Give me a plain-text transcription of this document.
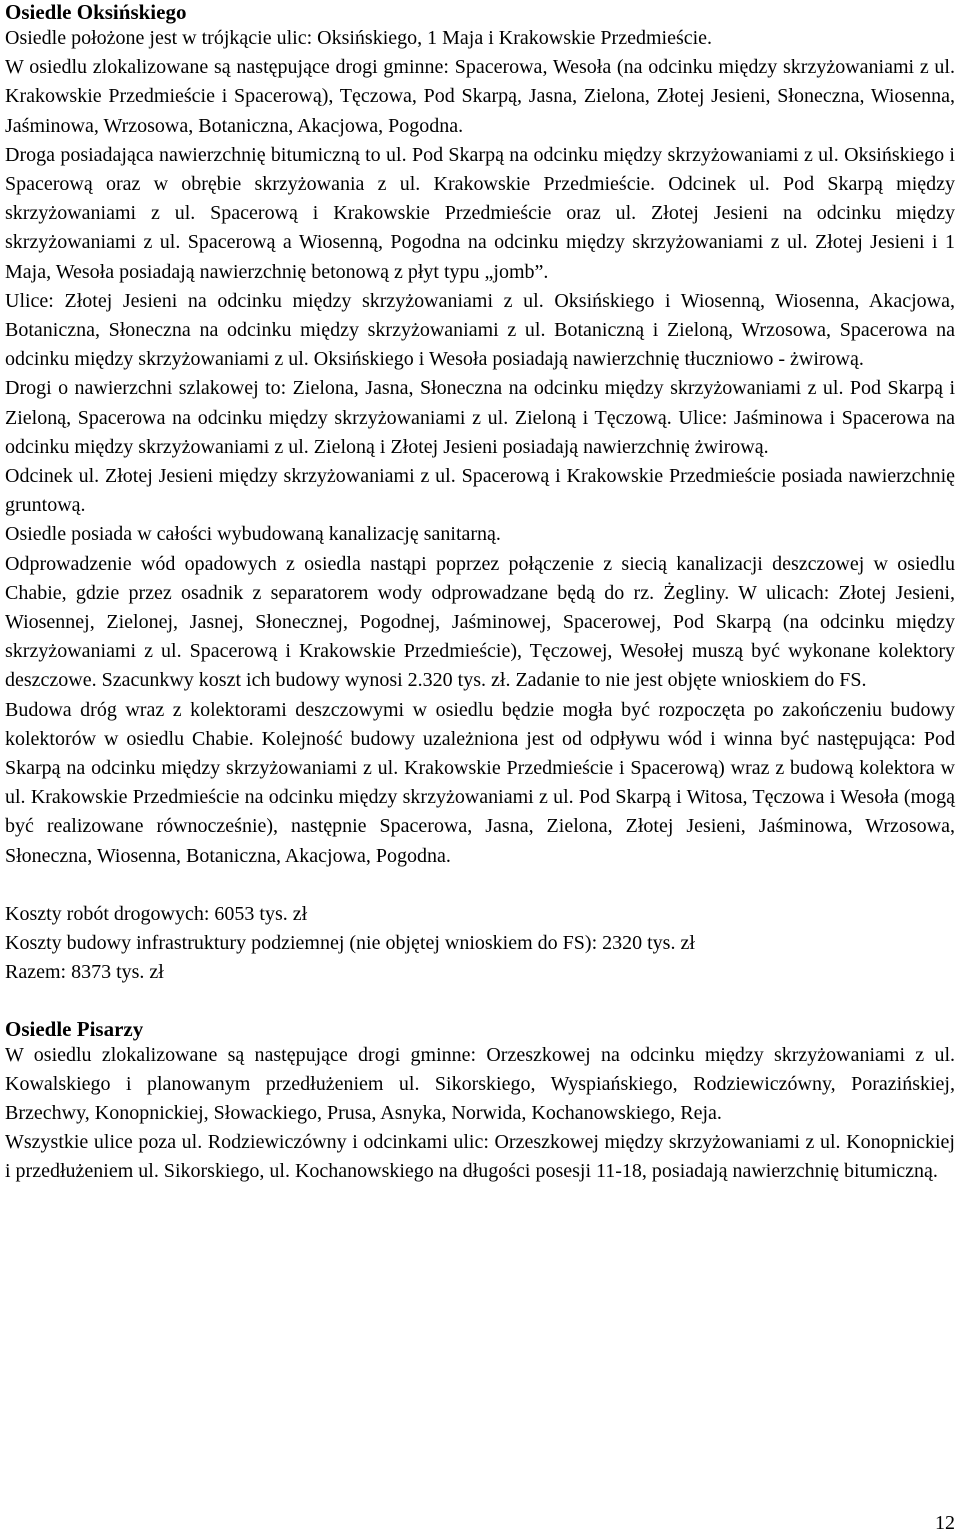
Osiedle Oksińskiego

Osiedle położone jest w trójkącie ulic: Oksińskiego, 1 Maja i Krakowskie Przedmieście.

W osiedlu zlokalizowane są następujące drogi gminne: Spacerowa, Wesoła (na odcinku między skrzyżowaniami z ul. Krakowskie Przedmieście i Spacerową), Tęczowa, Pod Skarpą, Jasna, Zielona, Złotej Jesieni, Słoneczna, Wiosenna, Jaśminowa, Wrzosowa, Botaniczna, Akacjowa, Pogodna.

Droga posiadająca nawierzchnię bitumiczną to ul. Pod Skarpą na odcinku między skrzyżowaniami z ul. Oksińskiego i Spacerową oraz w obrębie skrzyżowania z ul. Krakowskie Przedmieście. Odcinek ul. Pod Skarpą między skrzyżowaniami z ul. Spacerową i Krakowskie Przedmieście oraz ul. Złotej Jesieni na odcinku między skrzyżowaniami z ul. Spacerową a Wiosenną, Pogodna na odcinku między skrzyżowaniami z ul. Złotej Jesieni i 1 Maja, Wesoła posiadają nawierzchnię betonową z płyt typu „jomb”.

Ulice: Złotej Jesieni na odcinku między skrzyżowaniami z ul. Oksińskiego i Wiosenną, Wiosenna, Akacjowa, Botaniczna, Słoneczna na odcinku między skrzyżowaniami z ul. Botaniczną i Zieloną, Wrzosowa, Spacerowa na odcinku między skrzyżowaniami z ul. Oksińskiego i Wesoła posiadają nawierzchnię tłuczniowo - żwirową.

Drogi o nawierzchni szlakowej to: Zielona, Jasna, Słoneczna na odcinku między skrzyżowaniami z ul. Pod Skarpą i Zieloną, Spacerowa na odcinku między skrzyżowaniami z ul. Zieloną i Tęczową. Ulice: Jaśminowa i Spacerowa na odcinku między skrzyżowaniami z ul. Zieloną i Złotej Jesieni posiadają nawierzchnię żwirową.

Odcinek ul. Złotej Jesieni między skrzyżowaniami z ul. Spacerową i Krakowskie Przedmieście posiada nawierzchnię gruntową.

Osiedle posiada w całości wybudowaną kanalizację sanitarną.

Odprowadzenie wód opadowych z osiedla nastąpi poprzez połączenie z siecią kanalizacji deszczowej w osiedlu Chabie, gdzie przez osadnik z separatorem wody odprowadzane będą do rz. Żegliny. W ulicach: Złotej Jesieni, Wiosennej, Zielonej, Jasnej, Słonecznej, Pogodnej, Jaśminowej, Spacerowej, Pod Skarpą (na odcinku między skrzyżowaniami z ul. Spacerową i Krakowskie Przedmieście), Tęczowej, Wesołej muszą być wykonane kolektory deszczowe. Szacunkwy koszt ich budowy wynosi 2.320 tys. zł. Zadanie to nie jest objęte wnioskiem do FS.

Budowa dróg wraz z kolektorami deszczowymi w osiedlu będzie mogła być rozpoczęta po zakończeniu budowy kolektorów w osiedlu Chabie. Kolejność budowy uzależniona jest od odpływu wód i winna być następująca: Pod Skarpą na odcinku między skrzyżowaniami z ul. Krakowskie Przedmieście i Spacerową) wraz z budową kolektora w ul. Krakowskie Przedmieście na odcinku między skrzyżowaniami z ul. Pod Skarpą i Witosa, Tęczowa i Wesoła (mogą być realizowane równocześnie), następnie Spacerowa, Jasna, Zielona, Złotej Jesieni, Jaśminowa, Wrzosowa, Słoneczna, Wiosenna, Botaniczna, Akacjowa, Pogodna.

Koszty robót drogowych: 6053 tys. zł

Koszty budowy infrastruktury podziemnej (nie objętej wnioskiem do FS): 2320 tys. zł

Razem: 8373 tys. zł

Osiedle Pisarzy

W osiedlu zlokalizowane są następujące drogi gminne: Orzeszkowej na odcinku między skrzyżowaniami z ul. Kowalskiego i planowanym przedłużeniem ul. Sikorskiego, Wyspiańskiego, Rodziewiczówny, Porazińskiej, Brzechwy, Konopnickiej, Słowackiego, Prusa, Asnyka, Norwida, Kochanowskiego, Reja.

Wszystkie ulice poza ul. Rodziewiczówny i odcinkami ulic: Orzeszkowej między skrzyżowaniami z ul. Konopnickiej i przedłużeniem ul. Sikorskiego, ul. Kochanowskiego na długości posesji 11-18, posiadają nawierzchnię bitumiczną.

12
